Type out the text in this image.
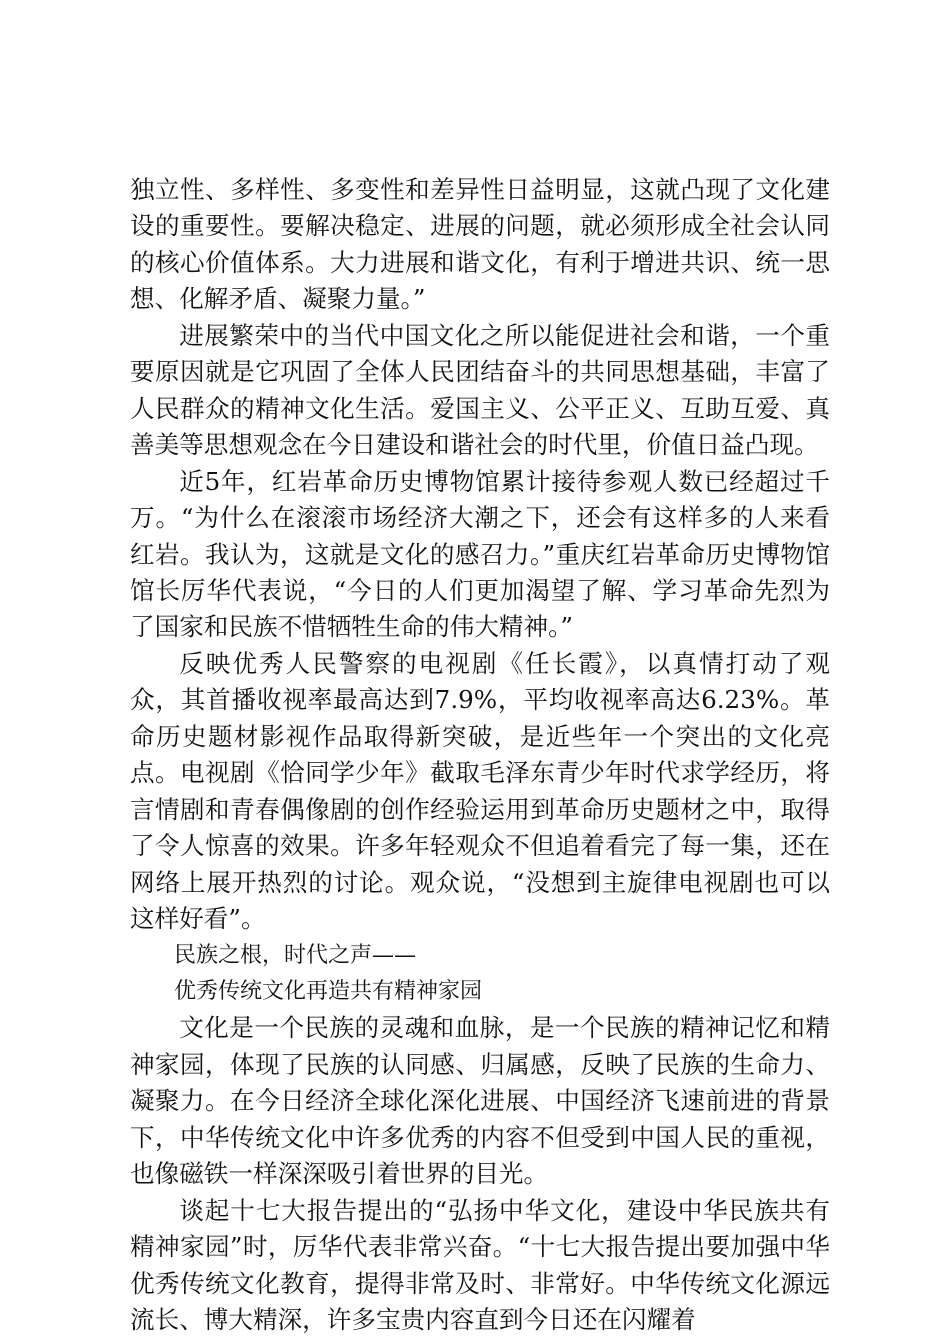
独立性、多样性、多变性和差异性日益明显，这就凸现了文化建设的重要性。要解决稳定、进展的问题，就必须形成全社会认同的核心价值体系。大力进展和谐文化，有利于增进共识、统一思想、化解矛盾、凝聚力量。”

进展繁荣中的当代中国文化之所以能促进社会和谐，一个重要原因就是它巩固了全体人民团结奋斗的共同思想基础，丰富了人民群众的精神文化生活。爱国主义、公平正义、互助互爱、真善美等思想观念在今日建设和谐社会的时代里，价值日益凸现。

近5年，红岩革命历史博物馆累计接待参观人数已经超过千万。“为什么在滚滚市场经济大潮之下，还会有这样多的人来看红岩。我认为，这就是文化的感召力。”重庆红岩革命历史博物馆馆长厉华代表说，“今日的人们更加渴望了解、学习革命先烈为了国家和民族不惜牺牲生命的伟大精神。”

反映优秀人民警察的电视剧《任长霞》，以真情打动了观众，其首播收视率最高达到7.9%，平均收视率高达6.23%。革命历史题材影视作品取得新突破，是近些年一个突出的文化亮点。电视剧《恰同学少年》截取毛泽东青少年时代求学经历，将言情剧和青春偶像剧的创作经验运用到革命历史题材之中，取得了令人惊喜的效果。许多年轻观众不但追着看完了每一集，还在网络上展开热烈的讨论。观众说，“没想到主旋律电视剧也可以这样好看”。

民族之根，时代之声——

优秀传统文化再造共有精神家园

文化是一个民族的灵魂和血脉，是一个民族的精神记忆和精神家园，体现了民族的认同感、归属感，反映了民族的生命力、凝聚力。在今日经济全球化深化进展、中国经济飞速前进的背景下，中华传统文化中许多优秀的内容不但受到中国人民的重视，也像磁铁一样深深吸引着世界的目光。

谈起十七大报告提出的“弘扬中华文化，建设中华民族共有精神家园”时，厉华代表非常兴奋。“十七大报告提出要加强中华优秀传统文化教育，提得非常及时、非常好。中华传统文化源远流长、博大精深，许多宝贵内容直到今日还在闪耀着
